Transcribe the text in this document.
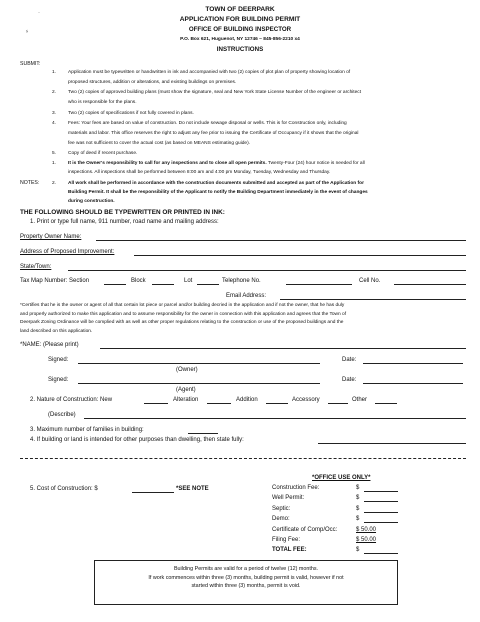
·
⸗
TOWN OF DEERPARK
APPLICATION FOR BUILDING PERMIT
OFFICE OF BUILDING INSPECTOR
P.O. Box 621, Huguenot, NY 12746 ~ 845-856-2210 x4
INSTRUCTIONS
SUBMIT:
NOTES:
THE FOLLOWING SHOULD BE TYPEWRITTEN OR PRINTED IN INK:
1. Print or type full name, 911 number, road name and mailing address:
Property Owner Name:
Address of Proposed Improvement:
State/Town:
Tax Map Number: Section	Block	Lot	Telephone No.	Cell No.
Email Address:
*Certifies that he is the owner or agent of all that certain lot piece or parcel and/or building decried in the application and if not the owner, that he has duly
and properly authorized to make this application and to assume responsibility for the owner in connection with this application and agrees that the Town of
Deerpark Zoning Ordinance will be complied with as well as other proper regulations relating to the construction or use of the proposed buildings and the
land described on this application.
*NAME: (Please print)
Signed:	Date:
(Owner)
Signed:	Date:
(Agent)
2. Nature of Construction: New	Alteration	Addition	Accessory	Other
(Describe)
3. Maximum number of families in building:
4. If building or land is intended for other purposes than dwelling, then state fully:
5. Cost of Construction: $	*SEE NOTE
*OFFICE USE ONLY*
Building Permits are valid for a period of twelve (12) months.
If work commences within three (3) months, building permit is valid, however if not
started within three (3) months, permit is void.
1. Application must be typewritten or handwritten in ink and accompanied with two (2) copies of plot plan of property showing location of
proposed structures, addition or alterations, and existing buildings on premises.
2. Two (2) copies of approved building plans (must show the signature, seal and New York State License Number of the engineer or architect
who is responsible for the plans.
3. Two (2) copies of specifications if not fully covered in plans.
4. Fees: Your fees are based on value of construction. Do not include sewage disposal or wells. This is for Construction only, including
materials and labor. This office reserves the right to adjust any fee prior to issuing the Certificate of Occupancy if it shows that the original
fee was not sufficient to cover the actual cost (as based on MEANS estimating guide).
5. Copy of deed if recent purchase.
1. It is the Owner's responsibility to call for any inspections and to close all open permits. Twenty-Four (24) hour notice is needed for all
inspections. All inspections shall be performed between 8:00 am and 4:00 pm Monday, Tuesday, Wednesday and Thursday.
2. All work shall be performed in accordance with the construction documents submitted and accepted as part of the Application for
Building Permit. It shall be the responsibility of the Applicant to notify the Building Department immediately in the event of changes
during construction.
Construction Fee:	$
Well Permit:	$
Septic:	$
Demo:	$
Certificate of Comp/Occ:	$ 50.00
Filing Fee:	$ 50.00
TOTAL FEE:	$
